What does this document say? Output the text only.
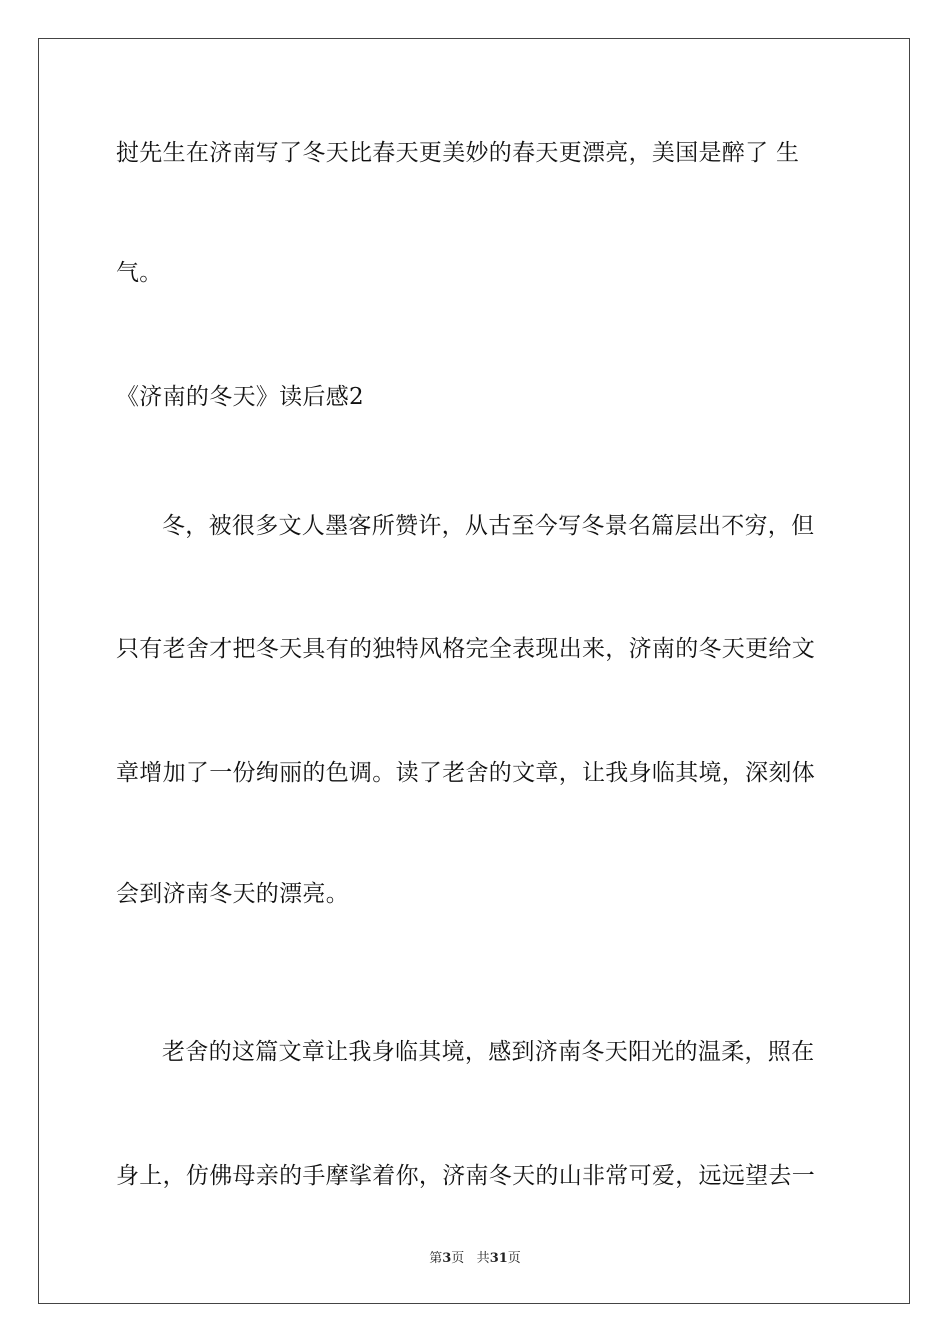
挝先生在济南写了冬天比春天更美妙的春天更漂亮，美国是醉了 生
气。
《济南的冬天》读后感2
冬，被很多文人墨客所赞许，从古至今写冬景名篇层出不穷，但
只有老舍才把冬天具有的独特风格完全表现出来，济南的冬天更给文
章增加了一份绚丽的色调。读了老舍的文章，让我身临其境，深刻体
会到济南冬天的漂亮。
老舍的这篇文章让我身临其境，感到济南冬天阳光的温柔，照在
身上，仿佛母亲的手摩挲着你，济南冬天的山非常可爱，远远望去一
第3页 共31页
